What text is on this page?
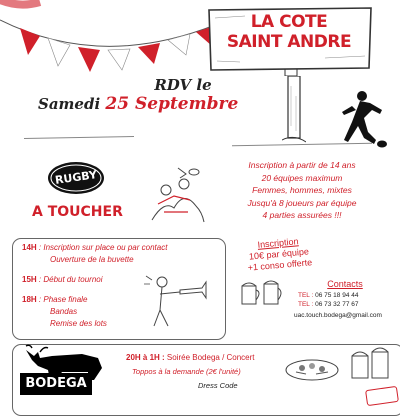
LA COTE
SAINT ANDRE
RDV le
Samedi 25 Septembre
RUGBY
A TOUCHER
Inscription à partir de 14 ans
20 équipes maximum
Femmes, hommes, mixtes
Jusqu'à 8 joueurs par équipe
4 parties assurées !!!
14H : Inscription sur place ou par contact
Ouverture de la buvette
15H : Début du tournoi
18H : Phase finale
Bandas
Remise des lots
Inscription
10€ par équipe
+1 conso offerte
Contacts
TEL : 06 75 18 94 44
TEL : 06 73 32 77 67
uac.touch.bodega@gmail.com
20H à 1H : Soirée Bodega / Concert
Toppos à la demande (2€ l'unité)
Dress Code
BODEGA
